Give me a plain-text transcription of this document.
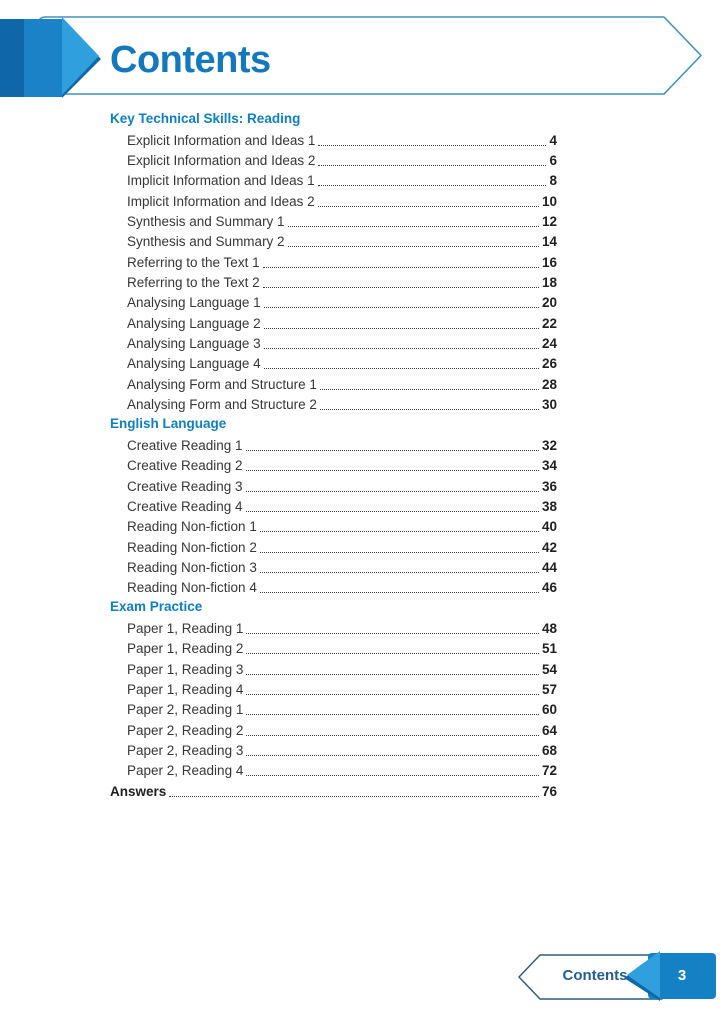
Contents
Key Technical Skills: Reading
Explicit Information and Ideas 1	4
Explicit Information and Ideas 2	6
Implicit Information and Ideas 1	8
Implicit Information and Ideas 2	10
Synthesis and Summary 1	12
Synthesis and Summary 2	14
Referring to the Text 1	16
Referring to the Text 2	18
Analysing Language 1	20
Analysing Language 2	22
Analysing Language 3	24
Analysing Language 4	26
Analysing Form and Structure 1	28
Analysing Form and Structure 2	30
English Language
Creative Reading 1	32
Creative Reading 2	34
Creative Reading 3	36
Creative Reading 4	38
Reading Non-fiction 1	40
Reading Non-fiction 2	42
Reading Non-fiction 3	44
Reading Non-fiction 4	46
Exam Practice
Paper 1, Reading 1	48
Paper 1, Reading 2	51
Paper 1, Reading 3	54
Paper 1, Reading 4	57
Paper 2, Reading 1	60
Paper 2, Reading 2	64
Paper 2, Reading 3	68
Paper 2, Reading 4	72
Answers	76
Contents	3
